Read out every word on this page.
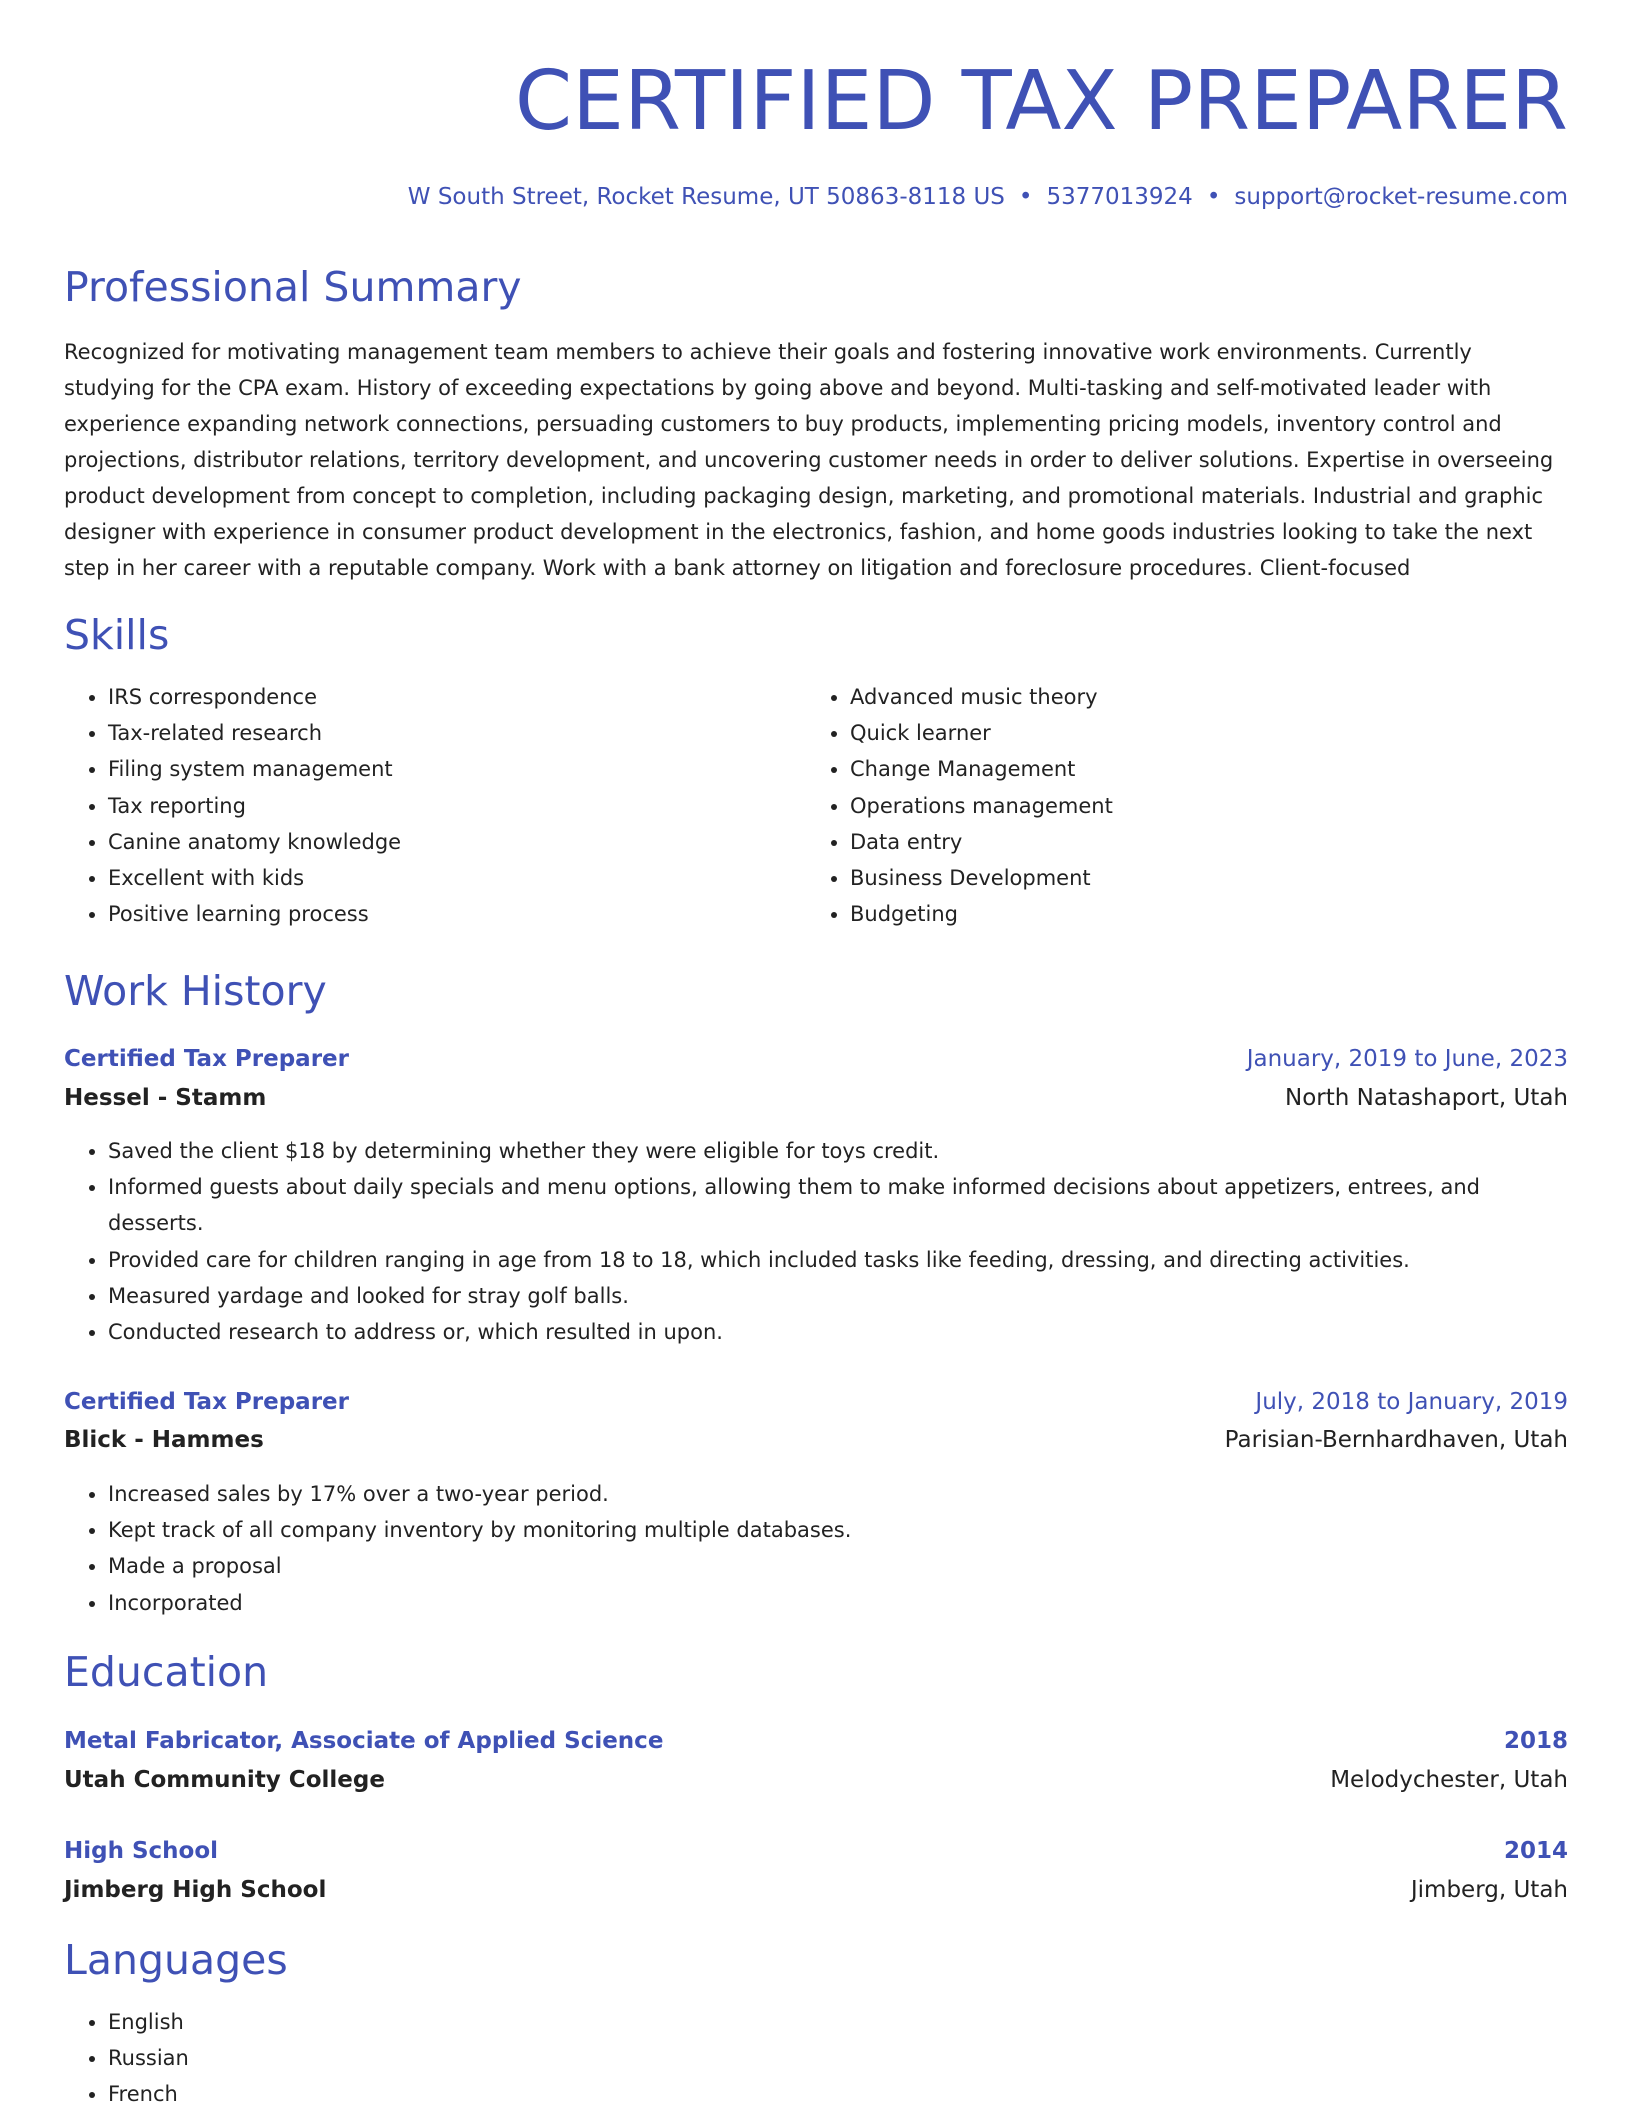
CERTIFIED TAX PREPARER
W South Street, Rocket Resume, UT 50863-8118 US • 5377013924 • support@rocket-resume.com
Professional Summary

Recognized for motivating management team members to achieve their goals and fostering innovative work environments. Currently studying for the CPA exam. History of exceeding expectations by going above and beyond. Multi-tasking and self-motivated leader with experience expanding network connections, persuading customers to buy products, implementing pricing models, inventory control and projections, distributor relations, territory development, and uncovering customer needs in order to deliver solutions. Expertise in overseeing product development from concept to completion, including packaging design, marketing, and promotional materials. Industrial and graphic designer with experience in consumer product development in the electronics, fashion, and home goods industries looking to take the next step in her career with a reputable company. Work with a bank attorney on litigation and foreclosure procedures. Client-focused

Skills
• IRS correspondence
• Tax-related research
• Filing system management
• Tax reporting
• Canine anatomy knowledge
• Excellent with kids
• Positive learning process
• Advanced music theory
• Quick learner
• Change Management
• Operations management
• Data entry
• Business Development
• Budgeting
Work History
Certified Tax Preparer	January, 2019 to June, 2023
Hessel - Stamm	North Natashaport, Utah
• Saved the client $18 by determining whether they were eligible for toys credit.
• Informed guests about daily specials and menu options, allowing them to make informed decisions about appetizers, entrees, and desserts.
• Provided care for children ranging in age from 18 to 18, which included tasks like feeding, dressing, and directing activities.
• Measured yardage and looked for stray golf balls.
• Conducted research to address or, which resulted in upon.
Certified Tax Preparer	July, 2018 to January, 2019
Blick - Hammes	Parisian-Bernhardhaven, Utah
• Increased sales by 17% over a two-year period.
• Kept track of all company inventory by monitoring multiple databases.
• Made a proposal
• Incorporated
Education
Metal Fabricator, Associate of Applied Science	2018
Utah Community College	Melodychester, Utah
High School	2014
Jimberg High School	Jimberg, Utah
Languages
• English
• Russian
• French
